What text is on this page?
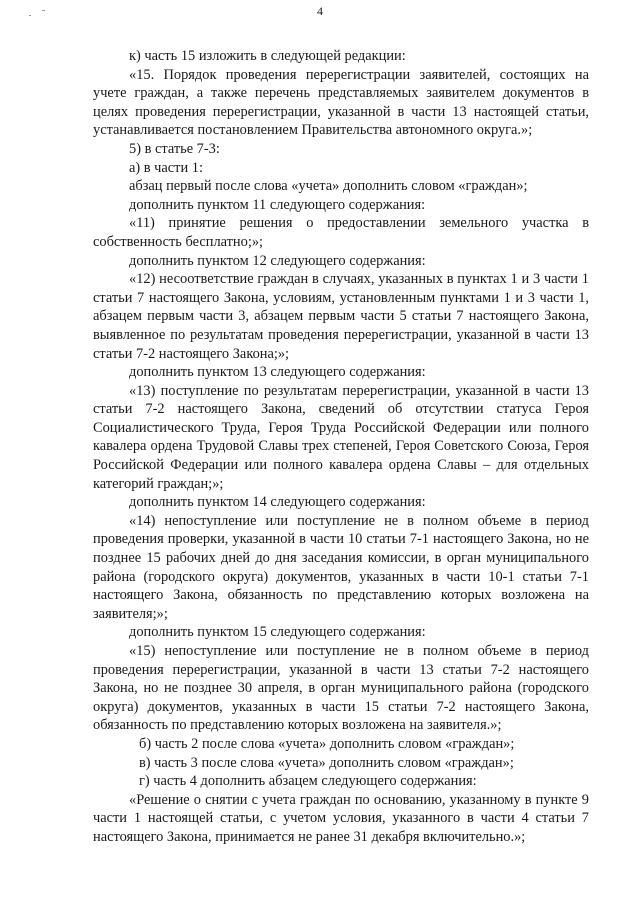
4

к) часть 15 изложить в следующей редакции:

«15. Порядок проведения перерегистрации заявителей, состоящих на учете граждан, а также перечень представляемых заявителем документов в целях проведения перерегистрации, указанной в части 13 настоящей статьи, устанавливается постановлением Правительства автономного округа.»;

5) в статье 7-3:

а) в части 1:

абзац первый после слова «учета» дополнить словом «граждан»;

дополнить пунктом 11 следующего содержания:

«11) принятие решения о предоставлении земельного участка в собственность бесплатно;»;

дополнить пунктом 12 следующего содержания:

«12) несоответствие граждан в случаях, указанных в пунктах 1 и 3 части 1 статьи 7 настоящего Закона, условиям, установленным пунктами 1 и 3 части 1, абзацем первым части 3, абзацем первым части 5 статьи 7 настоящего Закона, выявленное по результатам проведения перерегистрации, указанной в части 13 статьи 7-2 настоящего Закона;»;

дополнить пунктом 13 следующего содержания:

«13) поступление по результатам перерегистрации, указанной в части 13 статьи 7-2 настоящего Закона, сведений об отсутствии статуса Героя Социалистического Труда, Героя Труда Российской Федерации или полного кавалера ордена Трудовой Славы трех степеней, Героя Советского Союза, Героя Российской Федерации или полного кавалера ордена Славы – для отдельных категорий граждан;»;

дополнить пунктом 14 следующего содержания:

«14) непоступление или поступление не в полном объеме в период проведения проверки, указанной в части 10 статьи 7-1 настоящего Закона, но не позднее 15 рабочих дней до дня заседания комиссии, в орган муниципального района (городского округа) документов, указанных в части 10-1 статьи 7-1 настоящего Закона, обязанность по представлению которых возложена на заявителя;»;

дополнить пунктом 15 следующего содержания:

«15) непоступление или поступление не в полном объеме в период проведения перерегистрации, указанной в части 13 статьи 7-2 настоящего Закона, но не позднее 30 апреля, в орган муниципального района (городского округа) документов, указанных в части 15 статьи 7-2 настоящего Закона, обязанность по представлению которых возложена на заявителя.»;

б) часть 2 после слова «учета» дополнить словом «граждан»;

в) часть 3 после слова «учета» дополнить словом «граждан»;

г) часть 4 дополнить абзацем следующего содержания:

«Решение о снятии с учета граждан по основанию, указанному в пункте 9 части 1 настоящей статьи, с учетом условия, указанного в части 4 статьи 7 настоящего Закона, принимается не ранее 31 декабря включительно.»;
